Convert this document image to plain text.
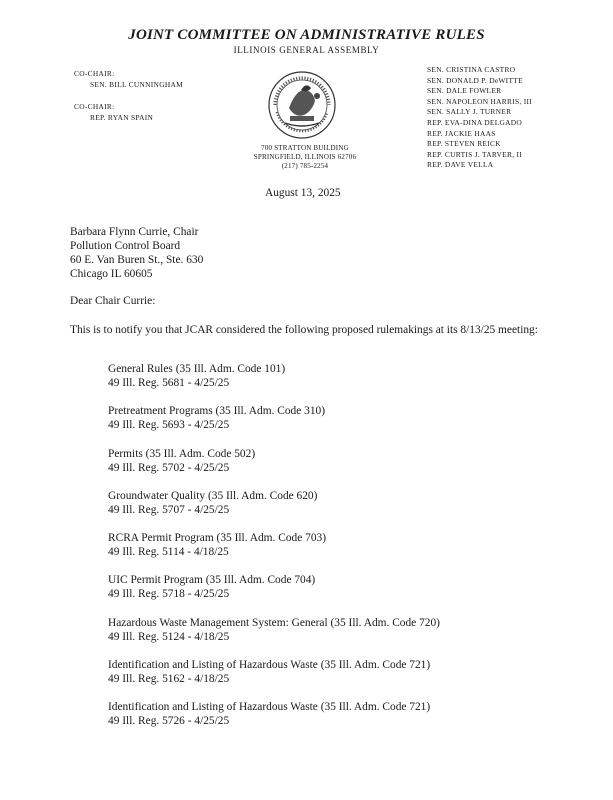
JOINT COMMITTEE ON ADMINISTRATIVE RULES
ILLINOIS GENERAL ASSEMBLY
CO-CHAIR:
SEN. BILL CUNNINGHAM
CO-CHAIR:
REP. RYAN SPAIN
700 STRATTON BUILDING
SPRINGFIELD, ILLINOIS 62706
(217) 785-2254
SEN. CRISTINA CASTRO
SEN. DONALD P. DeWITTE
SEN. DALE FOWLER
SEN. NAPOLEON HARRIS, III
SEN. SALLY J. TURNER
REP. EVA-DINA DELGADO
REP. JACKIE HAAS
REP. STEVEN REICK
REP. CURTIS J. TARVER, II
REP. DAVE VELLA
August 13, 2025
Barbara Flynn Currie, Chair
Pollution Control Board
60 E. Van Buren St., Ste. 630
Chicago IL 60605
Dear Chair Currie:
This is to notify you that JCAR considered the following proposed rulemakings at its 8/13/25 meeting:
General Rules (35 Ill. Adm. Code 101)
49 Ill. Reg. 5681 - 4/25/25
Pretreatment Programs (35 Ill. Adm. Code 310)
49 Ill. Reg. 5693 - 4/25/25
Permits (35 Ill. Adm. Code 502)
49 Ill. Reg. 5702 - 4/25/25
Groundwater Quality (35 Ill. Adm. Code 620)
49 Ill. Reg. 5707 - 4/25/25
RCRA Permit Program (35 Ill. Adm. Code 703)
49 Ill. Reg. 5114 - 4/18/25
UIC Permit Program (35 Ill. Adm. Code 704)
49 Ill. Reg. 5718 - 4/25/25
Hazardous Waste Management System: General (35 Ill. Adm. Code 720)
49 Ill. Reg. 5124 - 4/18/25
Identification and Listing of Hazardous Waste (35 Ill. Adm. Code 721)
49 Ill. Reg. 5162 - 4/18/25
Identification and Listing of Hazardous Waste (35 Ill. Adm. Code 721)
49 Ill. Reg. 5726 - 4/25/25
